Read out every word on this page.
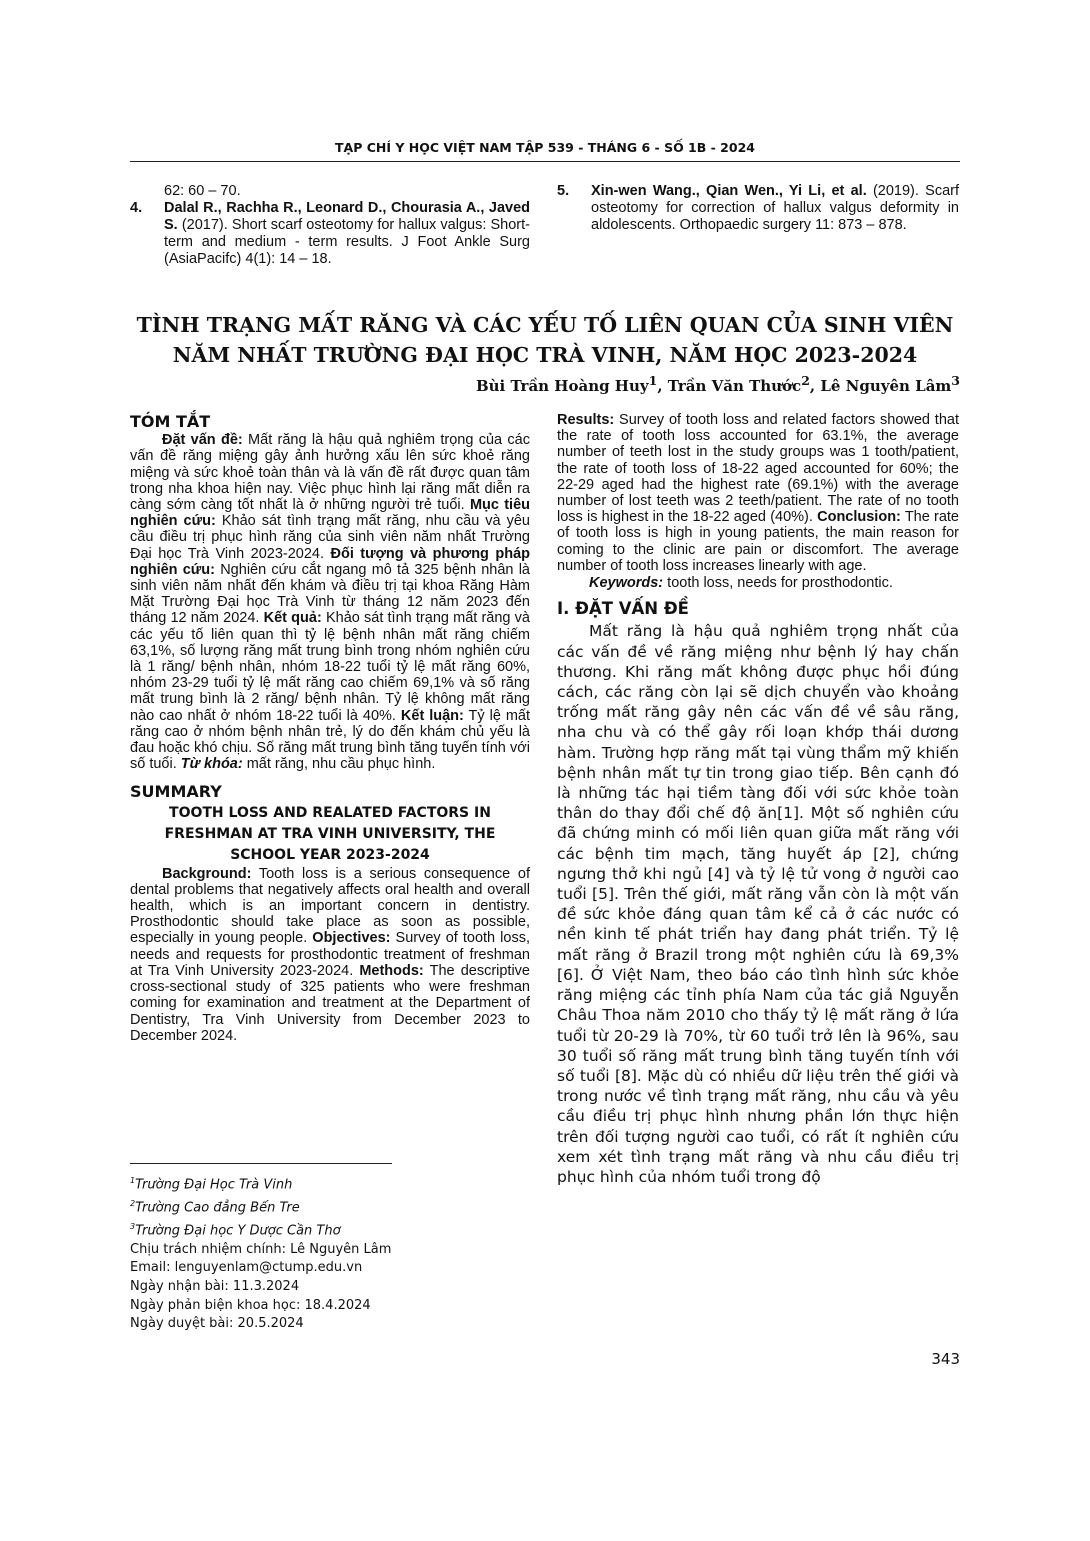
TẠP CHÍ Y HỌC VIỆT NAM TẬP 539 - THÁNG 6 - SỐ 1B - 2024
62: 60 – 70.
4.	Dalal R., Rachha R., Leonard D., Chourasia A., Javed S. (2017). Short scarf osteotomy for hallux valgus: Short-term and medium - term results. J Foot Ankle Surg (AsiaPacifc) 4(1): 14 – 18.
5.	Xin-wen Wang., Qian Wen., Yi Li, et al. (2019). Scarf osteotomy for correction of hallux valgus deformity in aldolescents. Orthopaedic surgery 11: 873 – 878.
TÌNH TRẠNG MẤT RĂNG VÀ CÁC YẾU TỐ LIÊN QUAN CỦA SINH VIÊN
NĂM NHẤT TRƯỜNG ĐẠI HỌC TRÀ VINH, NĂM HỌC 2023-2024
Bùi Trần Hoàng Huy$^1$, Trần Văn Thước$^2$, Lê Nguyên Lâm$^3$

TÓM TẮT

Đặt vấn đề: Mất răng là hậu quả nghiêm trọng của các vấn đề răng miệng gây ảnh hưởng xấu lên sức khoẻ răng miệng và sức khoẻ toàn thân và là vấn đề rất được quan tâm trong nha khoa hiện nay. Việc phục hình lại răng mất diễn ra càng sớm càng tốt nhất là ở những người trẻ tuổi. Mục tiêu nghiên cứu: Khảo sát tình trạng mất răng, nhu cầu và yêu cầu điều trị phục hình răng của sinh viên năm nhất Trường Đại học Trà Vinh 2023-2024. Đối tượng và phương pháp nghiên cứu: Nghiên cứu cắt ngang mô tả 325 bệnh nhân là sinh viên năm nhất đến khám và điều trị tại khoa Răng Hàm Mặt Trường Đại học Trà Vinh từ tháng 12 năm 2023 đến tháng 12 năm 2024. Kết quả: Khảo sát tình trạng mất răng và các yếu tố liên quan thì tỷ lệ bệnh nhân mất răng chiếm 63,1%, số lượng răng mất trung bình trong nhóm nghiên cứu là 1 răng/ bệnh nhân, nhóm 18-22 tuổi tỷ lệ mất răng 60%, nhóm 23-29 tuổi tỷ lệ mất răng cao chiếm 69,1% và số răng mất trung bình là 2 răng/ bệnh nhân. Tỷ lệ không mất răng nào cao nhất ở nhóm 18-22 tuổi là 40%. Kết luận: Tỷ lệ mất răng cao ở nhóm bệnh nhân trẻ, lý do đến khám chủ yếu là đau hoặc khó chịu. Số răng mất trung bình tăng tuyến tính với số tuổi. Từ khóa: mất răng, nhu cầu phục hình.

SUMMARY

TOOTH LOSS AND REALATED FACTORS IN FRESHMAN AT TRA VINH UNIVERSITY, THE SCHOOL YEAR 2023-2024

Background: Tooth loss is a serious consequence of dental problems that negatively affects oral health and overall health, which is an important concern in dentistry. Prosthodontic should take place as soon as possible, especially in young people. Objectives: Survey of tooth loss, needs and requests for prosthodontic treatment of freshman at Tra Vinh University 2023-2024. Methods: The descriptive cross-sectional study of 325 patients who were freshman coming for examination and treatment at the Department of Dentistry, Tra Vinh University from December 2023 to December 2024.

$^1$Trường Đại Học Trà Vinh

$^2$Trường Cao đẳng Bến Tre

$^3$Trường Đại học Y Dược Cần Thơ

Chịu trách nhiệm chính: Lê Nguyên Lâm

Email: lenguyenlam@ctump.edu.vn

Ngày nhận bài: 11.3.2024

Ngày phản biện khoa học: 18.4.2024

Ngày duyệt bài: 20.5.2024

Results: Survey of tooth loss and related factors showed that the rate of tooth loss accounted for 63.1%, the average number of teeth lost in the study groups was 1 tooth/patient, the rate of tooth loss of 18-22 aged accounted for 60%; the 22-29 aged had the highest rate (69.1%) with the average number of lost teeth was 2 teeth/patient. The rate of no tooth loss is highest in the 18-22 aged (40%). Conclusion: The rate of tooth loss is high in young patients, the main reason for coming to the clinic are pain or discomfort. The average number of tooth loss increases linearly with age.

Keywords: tooth loss, needs for prosthodontic.

I. ĐẶT VẤN ĐỀ

Mất răng là hậu quả nghiêm trọng nhất của các vấn đề về răng miệng như bệnh lý hay chấn thương. Khi răng mất không được phục hồi đúng cách, các răng còn lại sẽ dịch chuyển vào khoảng trống mất răng gây nên các vấn đề về sâu răng, nha chu và có thể gây rối loạn khớp thái dương hàm. Trường hợp răng mất tại vùng thẩm mỹ khiến bệnh nhân mất tự tin trong giao tiếp. Bên cạnh đó là những tác hại tiềm tàng đối với sức khỏe toàn thân do thay đổi chế độ ăn[1]. Một số nghiên cứu đã chứng minh có mối liên quan giữa mất răng với các bệnh tim mạch, tăng huyết áp [2], chứng ngưng thở khi ngủ [4] và tỷ lệ tử vong ở người cao tuổi [5]. Trên thế giới, mất răng vẫn còn là một vấn đề sức khỏe đáng quan tâm kể cả ở các nước có nền kinh tế phát triển hay đang phát triển. Tỷ lệ mất răng ở Brazil trong một nghiên cứu là 69,3% [6]. Ở Việt Nam, theo báo cáo tình hình sức khỏe răng miệng các tỉnh phía Nam của tác giả Nguyễn Châu Thoa năm 2010 cho thấy tỷ lệ mất răng ở lứa tuổi từ 20-29 là 70%, từ 60 tuổi trở lên là 96%, sau 30 tuổi số răng mất trung bình tăng tuyến tính với số tuổi [8]. Mặc dù có nhiều dữ liệu trên thế giới và trong nước về tình trạng mất răng, nhu cầu và yêu cầu điều trị phục hình nhưng phần lớn thực hiện trên đối tượng người cao tuổi, có rất ít nghiên cứu xem xét tình trạng mất răng và nhu cầu điều trị phục hình của nhóm tuổi trong độ

343
